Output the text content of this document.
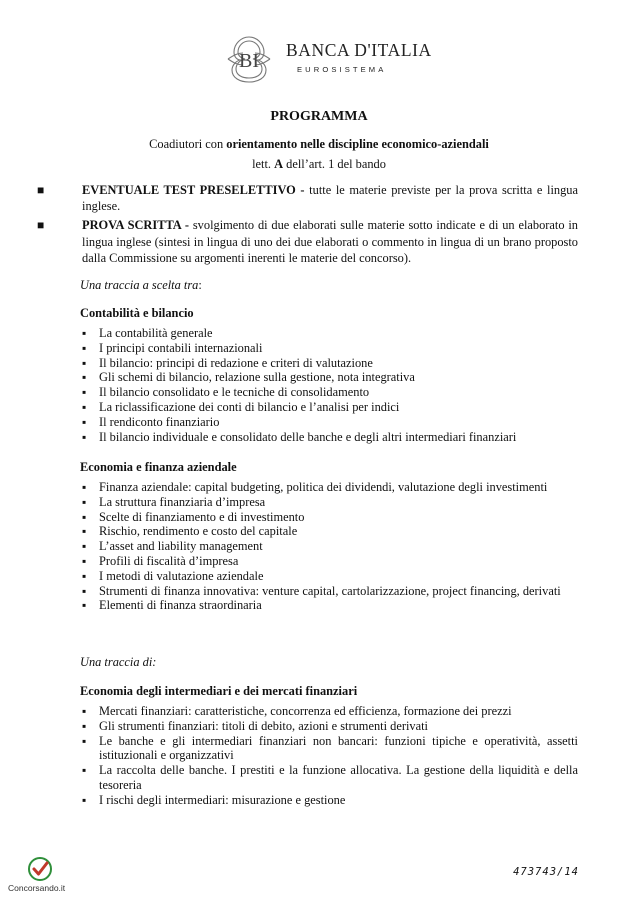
BI BANCA D'ITALIA
EUROSISTEMA
PROGRAMMA
Coadiutori con orientamento nelle discipline economico-aziendali
lett. A dell’art. 1 del bando
■	EVENTUALE TEST PRESELETTIVO - tutte le materie previste per la prova scritta e lingua inglese.
■	PROVA SCRITTA - svolgimento di due elaborati sulle materie sotto indicate e di un elaborato in lingua inglese (sintesi in lingua di uno dei due elaborati o commento in lingua di un brano proposto dalla Commissione su argomenti inerenti le materie del concorso).
Una traccia a scelta tra:
Contabilità e bilancio
▪ La contabilità generale
▪ I principi contabili internazionali
▪ Il bilancio: principi di redazione e criteri di valutazione
▪ Gli schemi di bilancio, relazione sulla gestione, nota integrativa
▪ Il bilancio consolidato e le tecniche di consolidamento
▪ La riclassificazione dei conti di bilancio e l’analisi per indici
▪ Il rendiconto finanziario
▪ Il bilancio individuale e consolidato delle banche e degli altri intermediari finanziari
Economia e finanza aziendale
▪ Finanza aziendale: capital budgeting, politica dei dividendi, valutazione degli investimenti
▪ La struttura finanziaria d’impresa
▪ Scelte di finanziamento e di investimento
▪ Rischio, rendimento e costo del capitale
▪ L’asset and liability management
▪ Profili di fiscalità d’impresa
▪ I metodi di valutazione aziendale
▪ Strumenti di finanza innovativa: venture capital, cartolarizzazione, project financing, derivati
▪ Elementi di finanza straordinaria
Una traccia di:
Economia degli intermediari e dei mercati finanziari
▪ Mercati finanziari: caratteristiche, concorrenza ed efficienza, formazione dei prezzi
▪ Gli strumenti finanziari: titoli di debito, azioni e strumenti derivati
▪ Le banche e gli intermediari finanziari non bancari: funzioni tipiche e operatività, assetti istituzionali e organizzativi
▪ La raccolta delle banche. I prestiti e la funzione allocativa. La gestione della liquidità e della tesoreria
▪ I rischi degli intermediari: misurazione e gestione
473743/14
Concorsando.it
